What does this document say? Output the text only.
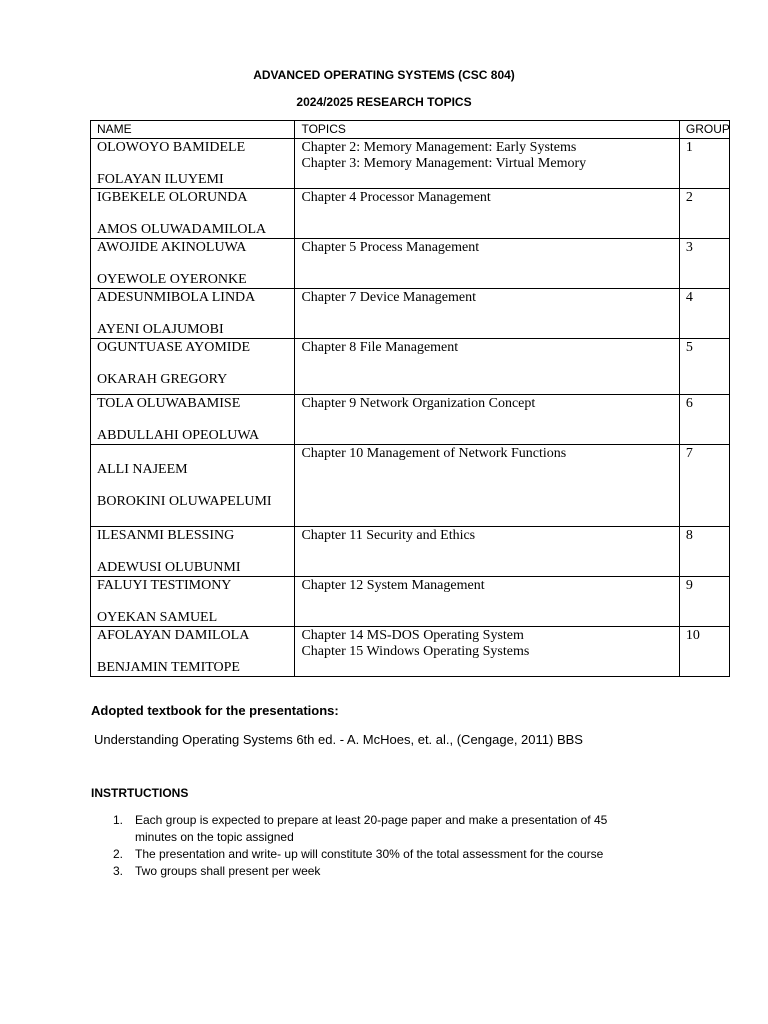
ADVANCED OPERATING SYSTEMS (CSC 804)
2024/2025 RESEARCH TOPICS
NAME	TOPICS	GROUP

OLOWOYO BAMIDELE
FOLAYAN ILUYEMI	Chapter 2: Memory Management: Early Systems
Chapter 3: Memory Management: Virtual Memory	1

IGBEKELE OLORUNDA
AMOS OLUWADAMILOLA	Chapter 4 Processor Management	2

AWOJIDE AKINOLUWA
OYEWOLE OYERONKE	Chapter 5 Process Management	3

ADESUNMIBOLA LINDA
AYENI OLAJUMOBI	Chapter 7 Device Management	4

OGUNTUASE AYOMIDE
OKARAH GREGORY	Chapter 8 File Management	5

TOLA OLUWABAMISE
ABDULLAHI OPEOLUWA	Chapter 9 Network Organization Concept	6

ALLI NAJEEM
BOROKINI OLUWAPELUMI	Chapter 10 Management of Network Functions	7

ILESANMI BLESSING
ADEWUSI OLUBUNMI	Chapter 11 Security and Ethics	8

FALUYI TESTIMONY
OYEKAN SAMUEL	Chapter 12 System Management	9

AFOLAYAN DAMILOLA
BENJAMIN TEMITOPE	Chapter 14 MS-DOS Operating System
Chapter 15 Windows Operating Systems	10
Adopted textbook for the presentations:
Understanding Operating Systems 6th ed. - A. McHoes, et. al., (Cengage, 2011) BBS
INSTRTUCTIONS
1. Each group is expected to prepare at least 20-page paper and make a presentation of 45 minutes on the topic assigned
2. The presentation and write- up will constitute 30% of the total assessment for the course
3. Two groups shall present per week
